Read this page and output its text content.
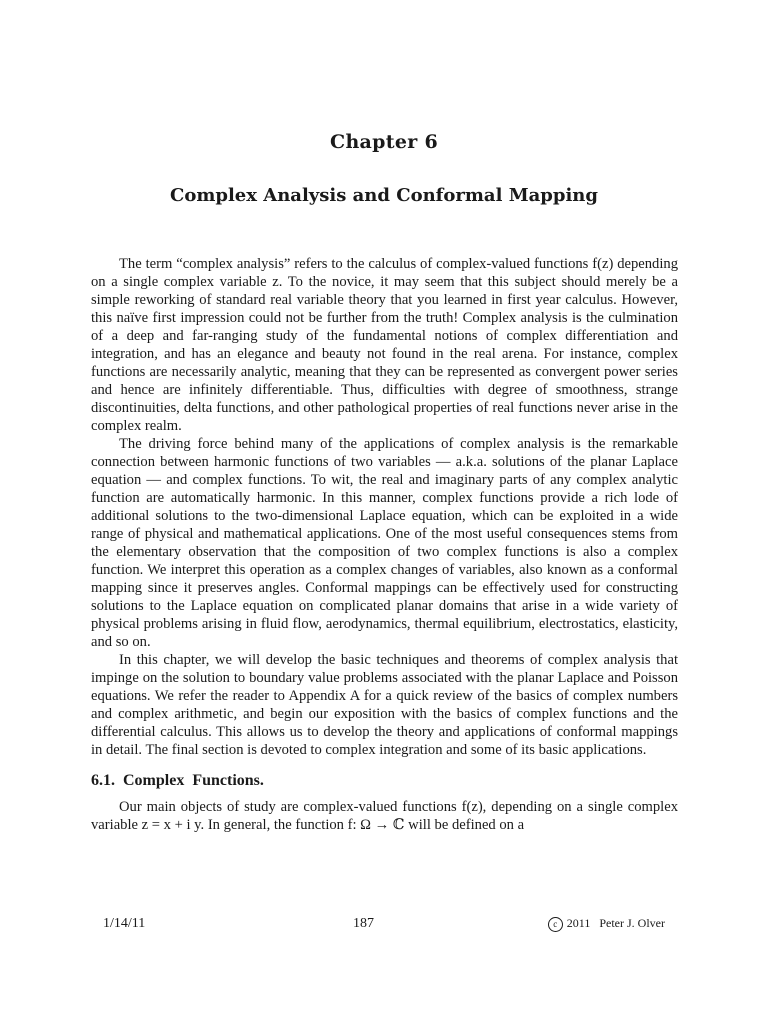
Chapter 6
Complex Analysis and Conformal Mapping

The term “complex analysis” refers to the calculus of complex-valued functions f(z) depending on a single complex variable z. To the novice, it may seem that this subject should merely be a simple reworking of standard real variable theory that you learned in first year calculus. However, this naïve first impression could not be further from the truth! Complex analysis is the culmination of a deep and far-ranging study of the fundamental notions of complex differentiation and integration, and has an elegance and beauty not found in the real arena. For instance, complex functions are necessarily analytic, meaning that they can be represented as convergent power series and hence are infinitely differentiable. Thus, difficulties with degree of smoothness, strange discontinuities, delta functions, and other pathological properties of real functions never arise in the complex realm.

The driving force behind many of the applications of complex analysis is the remarkable connection between harmonic functions of two variables — a.k.a. solutions of the planar Laplace equation — and complex functions. To wit, the real and imaginary parts of any complex analytic function are automatically harmonic. In this manner, complex functions provide a rich lode of additional solutions to the two-dimensional Laplace equation, which can be exploited in a wide range of physical and mathematical applications. One of the most useful consequences stems from the elementary observation that the composition of two complex functions is also a complex function. We interpret this operation as a complex changes of variables, also known as a conformal mapping since it preserves angles. Conformal mappings can be effectively used for constructing solutions to the Laplace equation on complicated planar domains that arise in a wide variety of physical problems arising in fluid flow, aerodynamics, thermal equilibrium, electrostatics, elasticity, and so on.

In this chapter, we will develop the basic techniques and theorems of complex analysis that impinge on the solution to boundary value problems associated with the planar Laplace and Poisson equations. We refer the reader to Appendix A for a quick review of the basics of complex numbers and complex arithmetic, and begin our exposition with the basics of complex functions and the differential calculus. This allows us to develop the theory and applications of conformal mappings in detail. The final section is devoted to complex integration and some of its basic applications.

6.1. Complex Functions.

Our main objects of study are complex-valued functions f(z), depending on a single complex variable z = x + i y. In general, the function f: Ω → ℂ will be defined on a

1/14/11	187	c 2011   Peter J. Olver
